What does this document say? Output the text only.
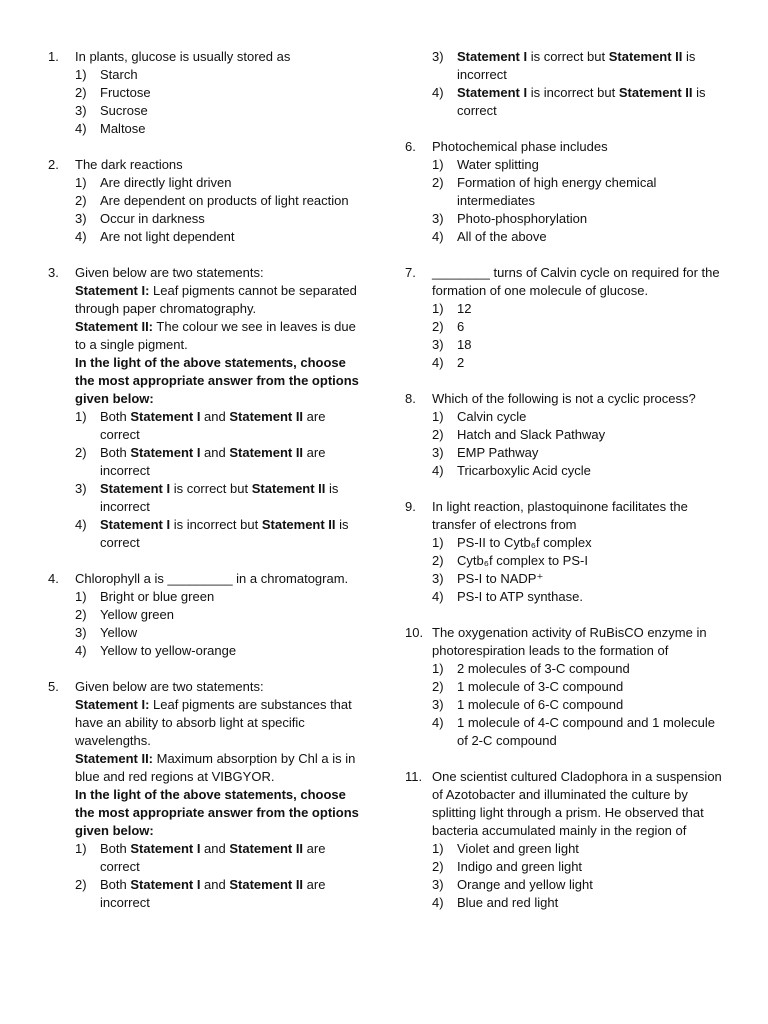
1.	In plants, glucose is usually stored as
1)	Starch
2)	Fructose
3)	Sucrose
4)	Maltose
2.	The dark reactions
1)	Are directly light driven
2)	Are dependent on products of light reaction
3)	Occur in darkness
4)	Are not light dependent
3.	Given below are two statements:
Statement I: Leaf pigments cannot be separated through paper chromatography.
Statement II: The colour we see in leaves is due to a single pigment.
In the light of the above statements, choose the most appropriate answer from the options given below:
1)	Both Statement I and Statement II are correct
2)	Both Statement I and Statement II are incorrect
3)	Statement I is correct but Statement II is incorrect
4)	Statement I is incorrect but Statement II is correct
4.	Chlorophyll a is _________ in a chromatogram.
1)	Bright or blue green
2)	Yellow green
3)	Yellow
4)	Yellow to yellow-orange
5.	Given below are two statements:
Statement I: Leaf pigments are substances that have an ability to absorb light at specific wavelengths.
Statement II: Maximum absorption by Chl a is in blue and red regions at VIBGYOR.
In the light of the above statements, choose the most appropriate answer from the options given below:
1)	Both Statement I and Statement II are correct
2)	Both Statement I and Statement II are incorrect
3)	Statement I is correct but Statement II is incorrect
4)	Statement I is incorrect but Statement II is correct
6.	Photochemical phase includes
1)	Water splitting
2)	Formation of high energy chemical intermediates
3)	Photo-phosphorylation
4)	All of the above
7.	________ turns of Calvin cycle on required for the formation of one molecule of glucose.
1)	12
2)	6
3)	18
4)	2
8.	Which of the following is not a cyclic process?
1)	Calvin cycle
2)	Hatch and Slack Pathway
3)	EMP Pathway
4)	Tricarboxylic Acid cycle
9.	In light reaction, plastoquinone facilitates the transfer of electrons from
1)	PS-II to Cytb₆f complex
2)	Cytb₆f complex to PS-I
3)	PS-I to NADP⁺
4)	PS-I to ATP synthase.
10. The oxygenation activity of RuBisCO enzyme in photorespiration leads to the formation of
1)	2 molecules of 3-C compound
2)	1 molecule of 3-C compound
3)	1 molecule of 6-C compound
4)	1 molecule of 4-C compound and 1 molecule of 2-C compound
11. One scientist cultured Cladophora in a suspension of Azotobacter and illuminated the culture by splitting light through a prism. He observed that bacteria accumulated mainly in the region of
1)	Violet and green light
2)	Indigo and green light
3)	Orange and yellow light
4)	Blue and red light
